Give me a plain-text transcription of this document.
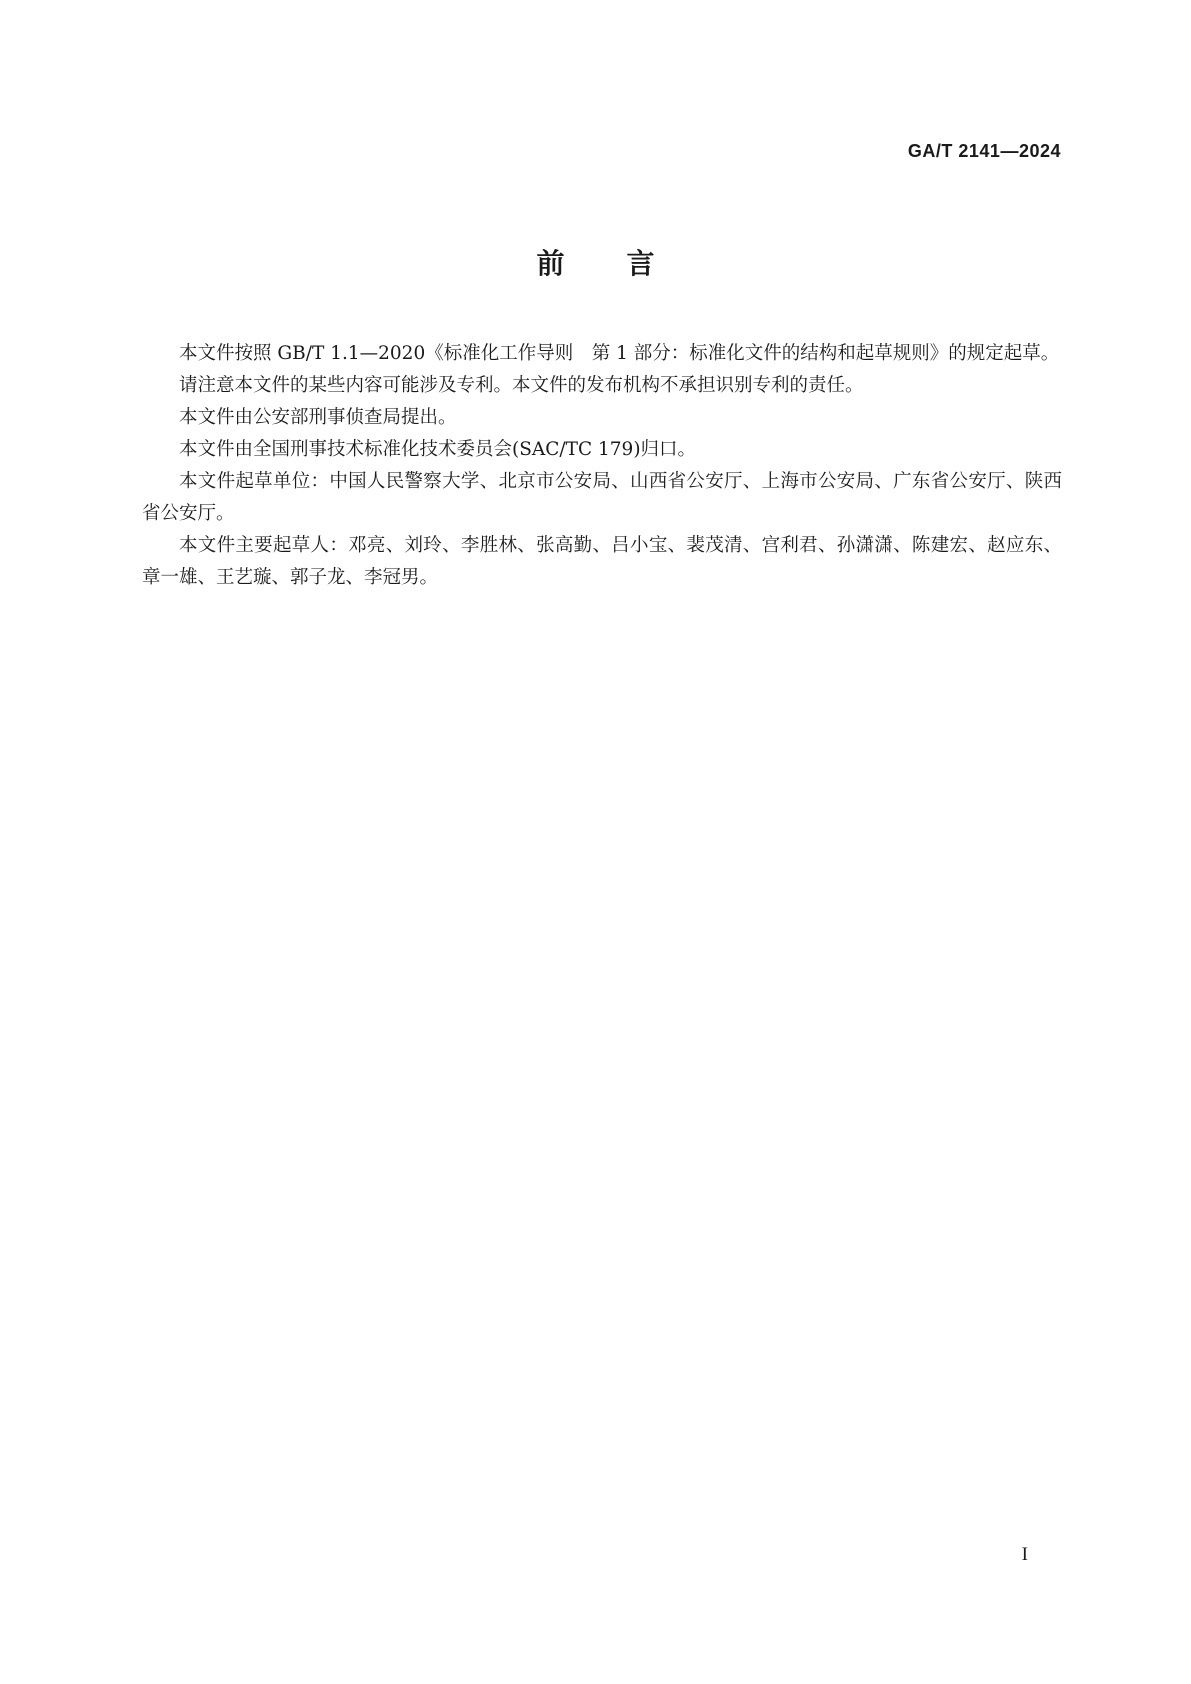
GA/T 2141—2024
前言

本文件按照 GB/T 1.1—2020《标准化工作导则　第 1 部分：标准化文件的结构和起草规则》的规定起草。

请注意本文件的某些内容可能涉及专利。本文件的发布机构不承担识别专利的责任。

本文件由公安部刑事侦查局提出。

本文件由全国刑事技术标准化技术委员会(SAC/TC 179)归口。

本文件起草单位：中国人民警察大学、北京市公安局、山西省公安厅、上海市公安局、广东省公安厅、陕西省公安厅。

本文件主要起草人：邓亮、刘玲、李胜林、张高勤、吕小宝、裴茂清、宫利君、孙潇潇、陈建宏、赵应东、章一雄、王艺璇、郭子龙、李冠男。

I
